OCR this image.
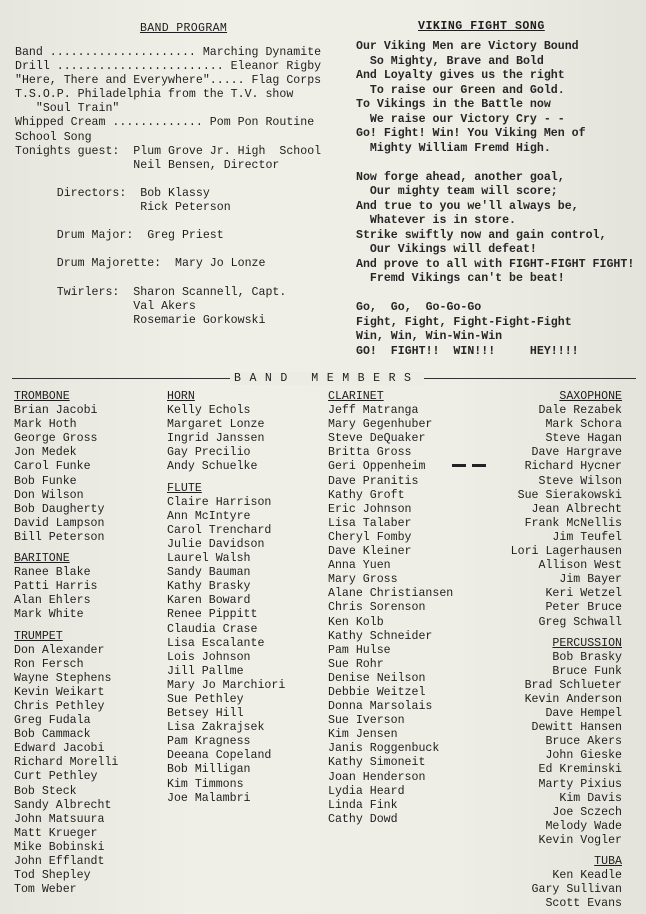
BAND PROGRAM
Band ..................... Marching Dynamite
Drill ........................ Eleanor Rigby
"Here, There and Everywhere"..... Flag Corps
T.S.O.P. Philadelphia from the T.V. show
"Soul Train"
Whipped Cream ............. Pom Pon Routine
School Song
Tonights guest:  Plum Grove Jr. High  School
Neil Bensen, Director
Directors:  Bob Klassy
Rick Peterson
Drum Major:  Greg Priest
Drum Majorette:  Mary Jo Lonze
Twirlers:  Sharon Scannell, Capt.
Val Akers
Rosemarie Gorkowski
VIKING FIGHT SONG
Our Viking Men are Victory Bound
So Mighty, Brave and Bold
And Loyalty gives us the right
To raise our Green and Gold.
To Vikings in the Battle now
We raise our Victory Cry - -
Go! Fight! Win! You Viking Men of
Mighty William Fremd High.
Now forge ahead, another goal,
Our mighty team will score;
And true to you we'll always be,
Whatever is in store.
Strike swiftly now and gain control,
Our Vikings will defeat!
And prove to all with FIGHT-FIGHT FIGHT!
Fremd Vikings can't be beat!
Go,  Go,  Go-Go-Go
Fight, Fight, Fight-Fight-Fight
Win, Win, Win-Win-Win
GO!  FIGHT!!  WIN!!!     HEY!!!!
BAND MEMBERS
TROMBONE
Brian Jacobi
Mark Hoth
George Gross
Jon Medek
Carol Funke
Bob Funke
Don Wilson
Bob Daugherty
David Lampson
Bill Peterson
BARITONE
Ranee Blake
Patti Harris
Alan Ehlers
Mark White
TRUMPET
Don Alexander
Ron Fersch
Wayne Stephens
Kevin Weikart
Chris Pethley
Greg Fudala
Bob Cammack
Edward Jacobi
Richard Morelli
Curt Pethley
Bob Steck
Sandy Albrecht
John Matsuura
Matt Krueger
Mike Bobinski
John Efflandt
Tod Shepley
Tom Weber
HORN
Kelly Echols
Margaret Lonze
Ingrid Janssen
Gay Precilio
Andy Schuelke
FLUTE
Claire Harrison
Ann McIntyre
Carol Trenchard
Julie Davidson
Laurel Walsh
Sandy Bauman
Kathy Brasky
Karen Boward
Renee Pippitt
Claudia Crase
Lisa Escalante
Lois Johnson
Jill Pallme
Mary Jo Marchiori
Sue Pethley
Betsey Hill
Lisa Zakrajsek
Pam Kragness
Deeana Copeland
Bob Milligan
Kim Timmons
Joe Malambri
CLARINET
Jeff Matranga
Mary Gegenhuber
Steve DeQuaker
Britta Gross
Geri Oppenheim
Dave Pranitis
Kathy Groft
Eric Johnson
Lisa Talaber
Cheryl Fomby
Dave Kleiner
Anna Yuen
Mary Gross
Alane Christiansen
Chris Sorenson
Ken Kolb
Kathy Schneider
Pam Hulse
Sue Rohr
Denise Neilson
Debbie Weitzel
Donna Marsolais
Sue Iverson
Kim Jensen
Janis Roggenbuck
Kathy Simoneit
Joan Henderson
Lydia Heard
Linda Fink
Cathy Dowd
SAXOPHONE
Dale Rezabek
Mark Schora
Steve Hagan
Dave Hargrave
Richard Hycner
Steve Wilson
Sue Sierakowski
Jean Albrecht
Frank McNellis
Jim Teufel
Lori Lagerhausen
Allison West
Jim Bayer
Keri Wetzel
Peter Bruce
Greg Schwall
PERCUSSION
Bob Brasky
Bruce Funk
Brad Schlueter
Kevin Anderson
Dave Hempel
Dewitt Hansen
Bruce Akers
John Gieske
Ed Kreminski
Marty Pixius
Kim Davis
Joe Sczech
Melody Wade
Kevin Vogler
TUBA
Ken Keadle
Gary Sullivan
Scott Evans
